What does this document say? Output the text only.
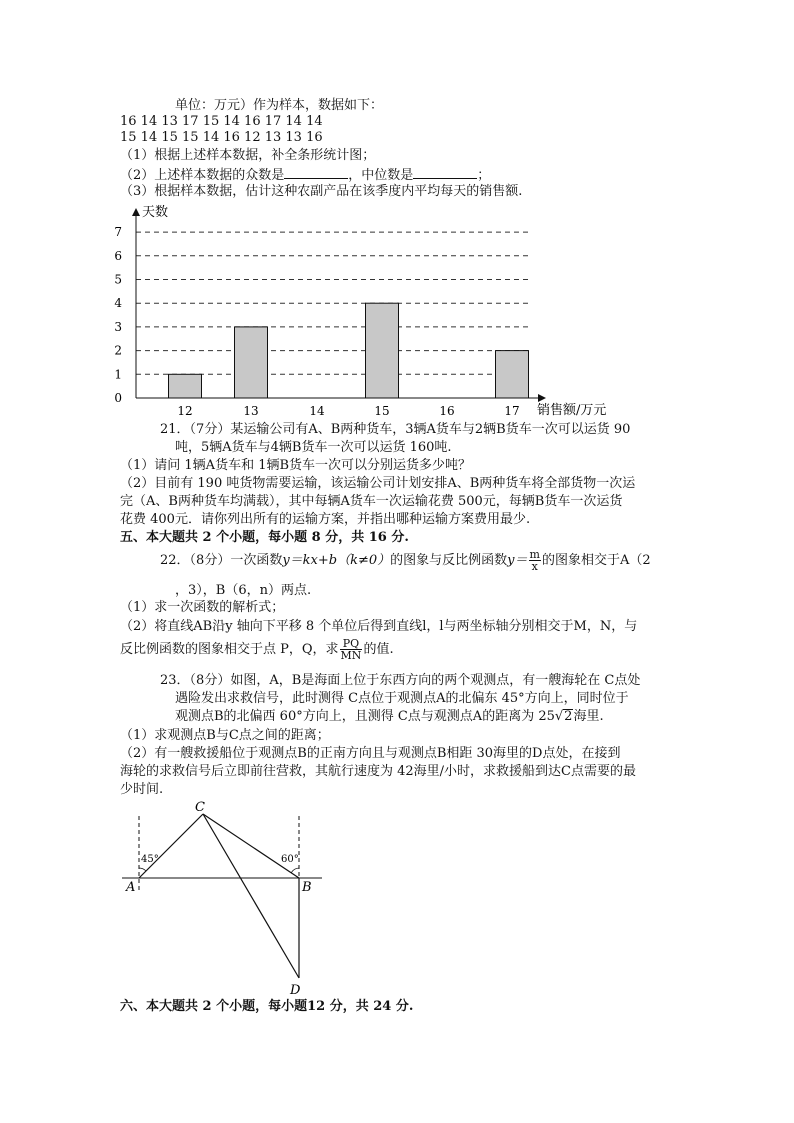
单位：万元）作为样本，数据如下：
16 14 13 17 15 14 16 17 14 14
15 14 15 15 14 16 12 13 13 16
（1）根据上述样本数据，补全条形统计图；
（2）上述样本数据的众数是	，中位数是	；
（3）根据样本数据，估计这种农副产品在该季度内平均每天的销售额.
0
1
2
3
4
5
6
7
12	13	14	15	16	17
天数
销售额/万元
21．（7分）某运输公司有A、B两种货车，3辆A货车与2辆B货车一次可以运货 90
吨，5辆A货车与4辆B货车一次可以运货 160吨.
（1）请问 1辆A货车和 1辆B货车一次可以分别运货多少吨？
（2）目前有 190 吨货物需要运输，该运输公司计划安排A、B两种货车将全部货物一次运
完（A、B两种货车均满载），其中每辆A货车一次运输花费 500元，每辆B货车一次运货
花费 400元．请你列出所有的运输方案，并指出哪种运输方案费用最少.
五、本大题共 2 个小题，每小题 8 分，共 16 分.
22．（8分）一次函数y＝kx+b（k≠0）的图象与反比例函数$y= \frac{m}{x}$ 的图象相交于A（2
，3），B（6，n）两点.
（1）求一次函数的解析式；
（2）将直线AB沿y 轴向下平移 8 个单位后得到直线l，l与两坐标轴分别相交于M，N，与
反比例函数的图象相交于点 P，Q，求 $\frac{PQ}{MN}$ 的值.
23．（8分）如图，A，B是海面上位于东西方向的两个观测点，有一艘海轮在 C点处
遇险发出求救信号，此时测得 C点位于观测点A的北偏东 45°方向上，同时位于
观测点B的北偏西 60°方向上，且测得 C点与观测点A的距离为 25√2海里.
（1）求观测点B与C点之间的距离；
（2）有一艘救援船位于观测点B的正南方向且与观测点B相距 30海里的D点处，在接到
海轮的求救信号后立即前往营救，其航行速度为 42海里/小时，求救援船到达C点需要的最
少时间.
C
A	B
D
45°	60°
六、本大题共 2 个小题，每小题12 分，共 24 分.
